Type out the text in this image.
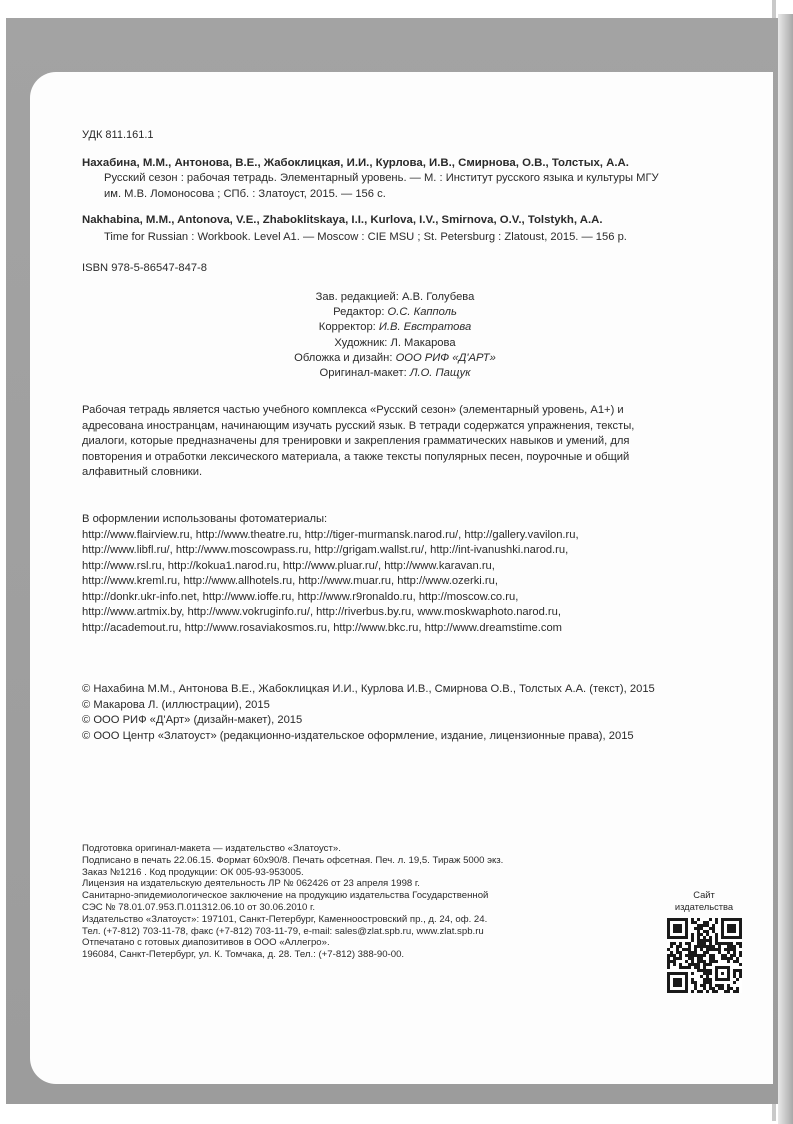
УДК 811.161.1
Нахабина, М.М., Антонова, В.Е., Жабоклицкая, И.И., Курлова, И.В., Смирнова, О.В., Толстых, А.А.
Русский сезон : рабочая тетрадь. Элементарный уровень. — М. : Институт русского языка и культуры МГУ
им. М.В. Ломоносова ; СПб. : Златоуст, 2015. — 156 с.
Nakhabina, M.M., Antonova, V.E., Zhaboklitskaya, I.I., Kurlova, I.V., Smirnova, O.V., Tolstykh, A.A.
Time for Russian : Workbook. Level A1. — Moscow : CIE MSU ; St. Petersburg : Zlatoust, 2015. — 156 p.
ISBN 978-5-86547-847-8
Зав. редакцией: А.В. Голубева
Редактор: О.С. Капполь
Корректор: И.В. Евстратова
Художник: Л. Макарова
Обложка и дизайн: ООО РИФ «Д'АРТ»
Оригинал-макет: Л.О. Пащук
Рабочая тетрадь является частью учебного комплекса «Русский сезон» (элементарный уровень, А1+) и
адресована иностранцам, начинающим изучать русский язык. В тетради содержатся упражнения, тексты,
диалоги, которые предназначены для тренировки и закрепления грамматических навыков и умений, для
повторения и отработки лексического материала, а также тексты популярных песен, поурочные и общий
алфавитный словники.
В оформлении использованы фотоматериалы:
http://www.flairview.ru, http://www.theatre.ru, http://tiger-murmansk.narod.ru/, http://gallery.vavilon.ru,
http://www.libfl.ru/, http://www.moscowpass.ru, http://grigam.wallst.ru/, http://int-ivanushki.narod.ru,
http://www.rsl.ru, http://kokua1.narod.ru, http://www.pluar.ru/, http://www.karavan.ru,
http://www.kreml.ru, http://www.allhotels.ru, http://www.muar.ru, http://www.ozerki.ru,
http://donkr.ukr-info.net, http://www.ioffe.ru, http://www.r9ronaldo.ru, http://moscow.co.ru,
http://www.artmix.by, http://www.vokruginfo.ru/, http://riverbus.by.ru, www.moskwaphoto.narod.ru,
http://academout.ru, http://www.rosaviakosmos.ru, http://www.bkc.ru, http://www.dreamstime.com
© Нахабина М.М., Антонова В.Е., Жабоклицкая И.И., Курлова И.В., Смирнова О.В., Толстых А.А. (текст), 2015
© Макарова Л. (иллюстрации), 2015
© ООО РИФ «Д'Арт» (дизайн-макет), 2015
© ООО Центр «Златоуст» (редакционно-издательское оформление, издание, лицензионные права), 2015
Подготовка оригинал-макета — издательство «Златоуст».
Подписано в печать 22.06.15. Формат 60x90/8. Печать офсетная. Печ. л. 19,5. Тираж 5000 экз.
Заказ №1216 . Код продукции: ОК 005-93-953005.
Лицензия на издательскую деятельность ЛР № 062426 от 23 апреля 1998 г.
Санитарно-эпидемиологическое заключение на продукцию издательства Государственной
СЭС № 78.01.07.953.П.011312.06.10 от 30.06.2010 г.
Издательство «Златоуст»: 197101, Санкт-Петербург, Каменноостровский пр., д. 24, оф. 24.
Тел. (+7-812) 703-11-78, факс (+7-812) 703-11-79, e-mail: sales@zlat.spb.ru, www.zlat.spb.ru
Отпечатано с готовых диапозитивов в ООО «Аллегро».
196084, Санкт-Петербург, ул. К. Томчака, д. 28. Тел.: (+7-812) 388-90-00.
Сайт
издательства
